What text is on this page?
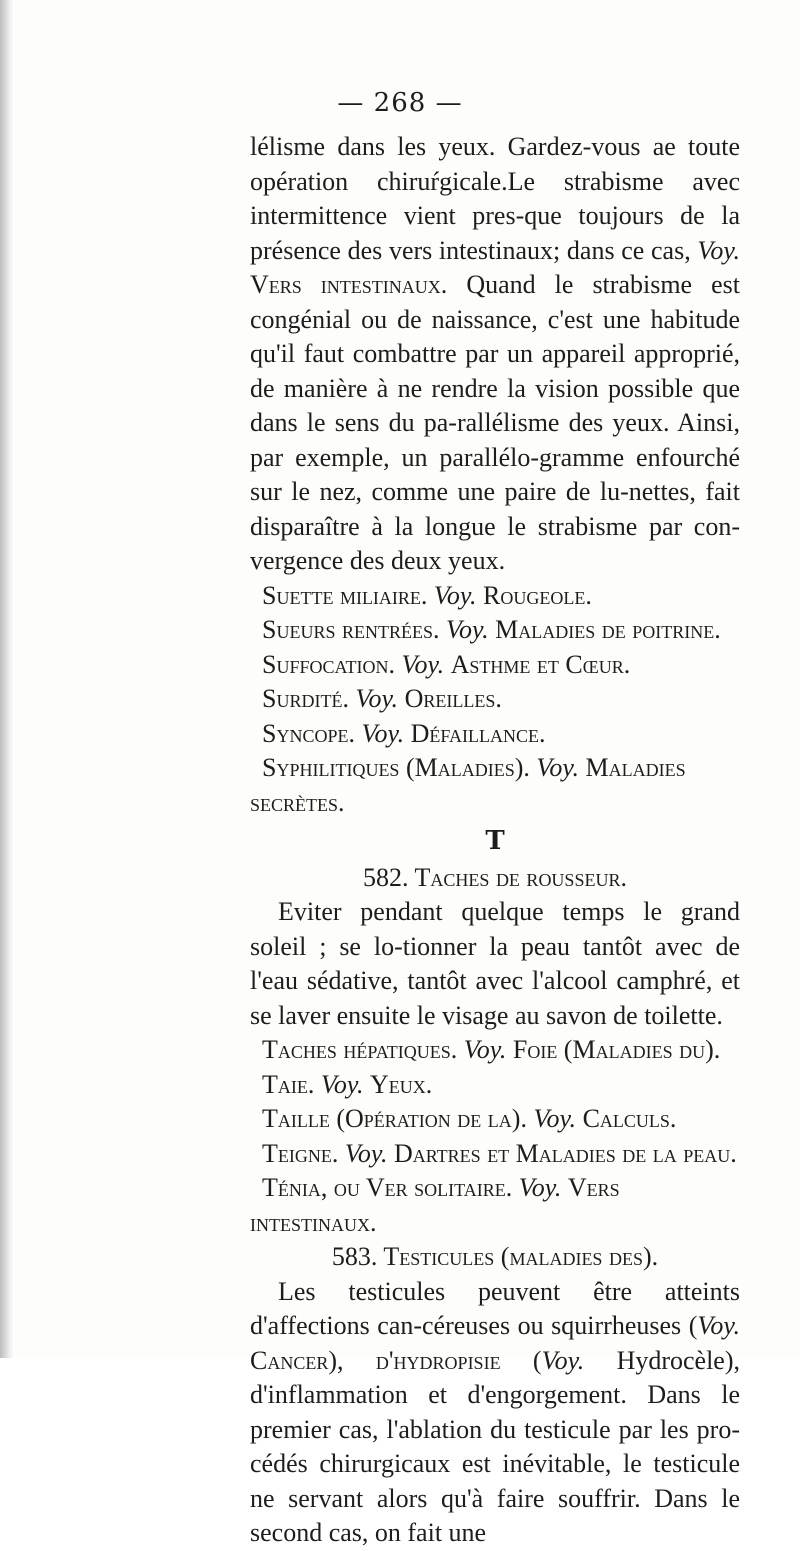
— 268 —

lélisme dans les yeux. Gardez-vous ae toute opération chiruŕgicale.Le strabisme avec intermittence vient pres-que toujours de la présence des vers intestinaux; dans ce cas, Voy. Vers intestinaux. Quand le strabisme est congénial ou de naissance, c'est une habitude qu'il faut combattre par un appareil approprié, de manière à ne rendre la vision possible que dans le sens du pa-rallélisme des yeux. Ainsi, par exemple, un parallélo-gramme enfourché sur le nez, comme une paire de lu-nettes, fait disparaître à la longue le strabisme par con-vergence des deux yeux.

Suette miliaire. Voy. Rougeole.

Sueurs rentrées. Voy. Maladies de poitrine.

Suffocation. Voy. Asthme et Cœur.

Surdité. Voy. Oreilles.

Syncope. Voy. Défaillance.

Syphilitiques (Maladies). Voy. Maladies secrètes.

T

582. Taches de rousseur.

Eviter pendant quelque temps le grand soleil ; se lo-tionner la peau tantôt avec de l'eau sédative, tantôt avec l'alcool camphré, et se laver ensuite le visage au savon de toilette.

Taches hépatiques. Voy. Foie (Maladies du).

Taie. Voy. Yeux.

Taille (Opération de la). Voy. Calculs.

Teigne. Voy. Dartres et Maladies de la peau.

Ténia, ou Ver solitaire. Voy. Vers intestinaux.

583. Testicules (maladies des).

Les testicules peuvent être atteints d'affections can-céreuses ou squirrheuses (Voy. Cancer), d'hydropisie (Voy. Hydrocèle), d'inflammation et d'engorgement. Dans le premier cas, l'ablation du testicule par les pro-cédés chirurgicaux est inévitable, le testicule ne servant alors qu'à faire souffrir. Dans le second cas, on fait une
